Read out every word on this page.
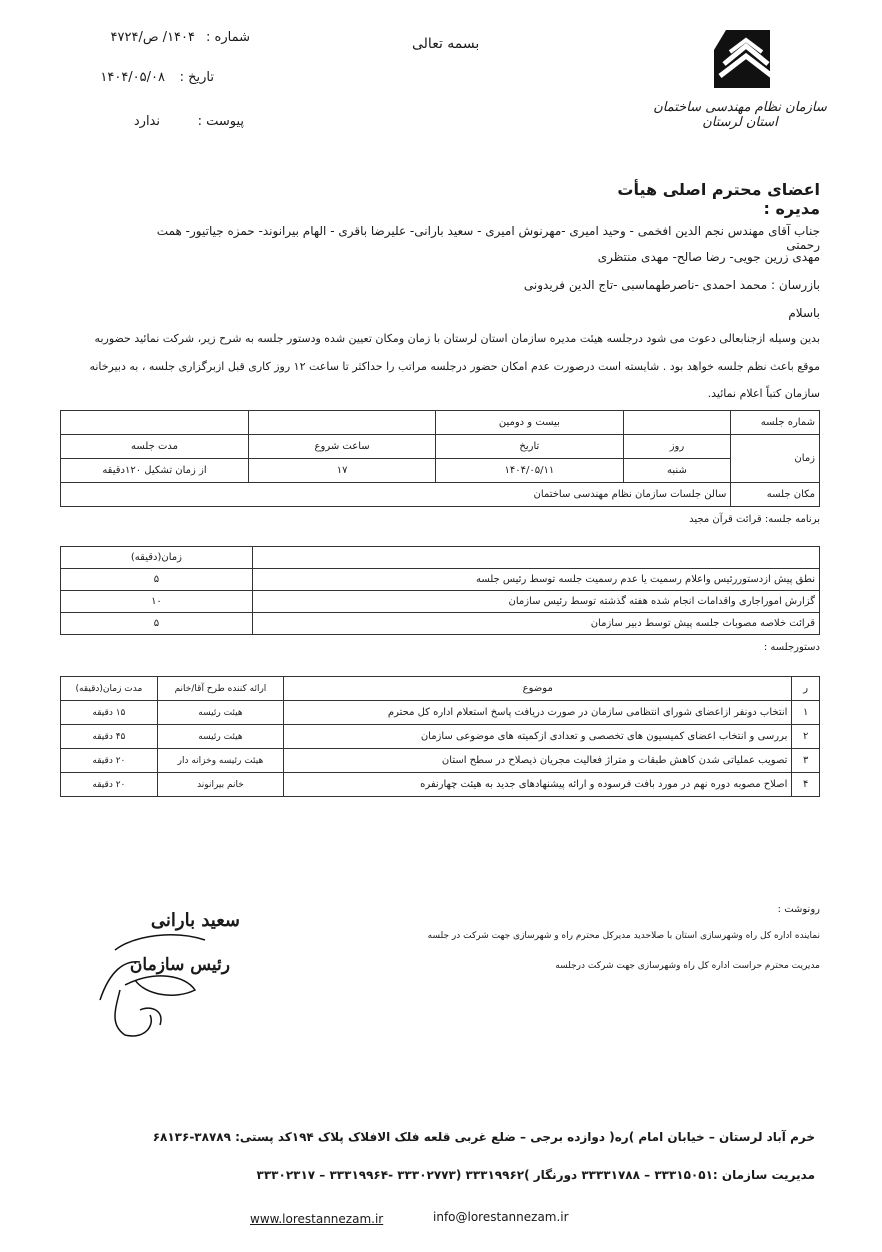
شماره :
۱۴۰۴/ ص/۴۷۲۴
تاریخ :
۱۴۰۴/۰۵/۰۸
پیوست :
ندارد
بسمه تعالی
سازمان نظام مهندسی ساختمان استان لرستان
اعضای محترم اصلی هیأت مدیره :
جناب آقای مهندس نجم الدین افخمی - وحید امیری -مهرنوش امیری - سعید بارانی- علیرضا باقری - الهام بیرانوند- حمزه جیاتیور- همت رحمتی
مهدی زرین جویی- رضا صالح- مهدی منتظری
بازرسان : محمد احمدی -ناصرطهماسبی -تاج الدین فریدونی
باسلام
بدین وسیله ازجنابعالی دعوت می شود درجلسه هیئت مدیره سازمان استان لرستان با زمان ومکان تعیین شده ودستور جلسه به شرح زیر، شرکت نمائید حضوربه
موقع باعث نظم جلسه خواهد بود . شایسته است درصورت عدم امکان حضور درجلسه مراتب را حداکثر تا ساعت ۱۲ روز کاری قبل ازبرگزاری جلسه ، به دبیرخانه
سازمان کتباً اعلام نمائید.
شماره جلسه		بیست و دومین		
زمان	روز	تاریخ	ساعت شروع	مدت جلسه
	شنبه	۱۴۰۴/۰۵/۱۱	۱۷	از زمان تشکیل ۱۲۰دقیقه
مکان جلسه	سالن جلسات سازمان نظام مهندسی ساختمان			
برنامه جلسه: قرائت قرآن مجید
	زمان(دقیقه)
نطق پیش ازدستوررئیس واعلام رسمیت یا عدم رسمیت جلسه توسط رئیس جلسه	۵
گزارش اموراجاری واقدامات انجام شده هفته گذشته توسط رئیس سازمان	۱۰
قرائت خلاصه مصوبات جلسه پیش توسط دبیر سازمان	۵
دستورجلسه :
ر	موضوع	ارائه کننده طرح آقا/خانم	مدت زمان(دقیقه)
۱	انتخاب دونفر ازاعضای شورای انتظامی سازمان در صورت دریافت پاسخ استعلام اداره کل محترم	هیئت رئیسه	۱۵ دقیقه
۲	بررسی و انتخاب اعضای کمیسیون های تخصصی و تعدادی ازکمیته های موضوعی سازمان	هیئت رئیسه	۴۵ دقیقه
۳	تصویب عملیاتی شدن کاهش طبقات و متراژ فعالیت مجریان ذیصلاح در سطح استان	هیئت رئیسه وخزانه دار	۲۰ دقیقه
۴	اصلاح مصوبه دوره نهم در مورد بافت فرسوده و ارائه پیشنهادهای جدید به هیئت چهارنفره	خانم بیرانوند	۲۰ دقیقه
رونوشت :
نماینده اداره کل راه وشهرسازی استان با صلاحدید مدیرکل محترم راه و شهرسازی جهت شرکت در جلسه
مدیریت محترم حراست اداره کل راه وشهرسازی جهت شرکت درجلسه
سعید بارانی
رئیس سازمان
خرم آباد لرستان – خیابان امام )ره( دوازده برجی – ضلع غربی قلعه فلک الافلاک پلاک ۱۹۴کد پستی: ۳۸۷۸۹-۶۸۱۳۶
مدیریت سازمان :۳۳۳۱۵۰۵۱ – ۳۳۳۳۱۷۸۸ دورنگار )۳۳۳۱۹۹۶۲ (۳۳۳۰۲۷۷۳ -۳۳۳۱۹۹۶۴ – ۳۳۳۰۲۳۱۷
www.lorestannezam.ir	info@lorestannezam.ir
